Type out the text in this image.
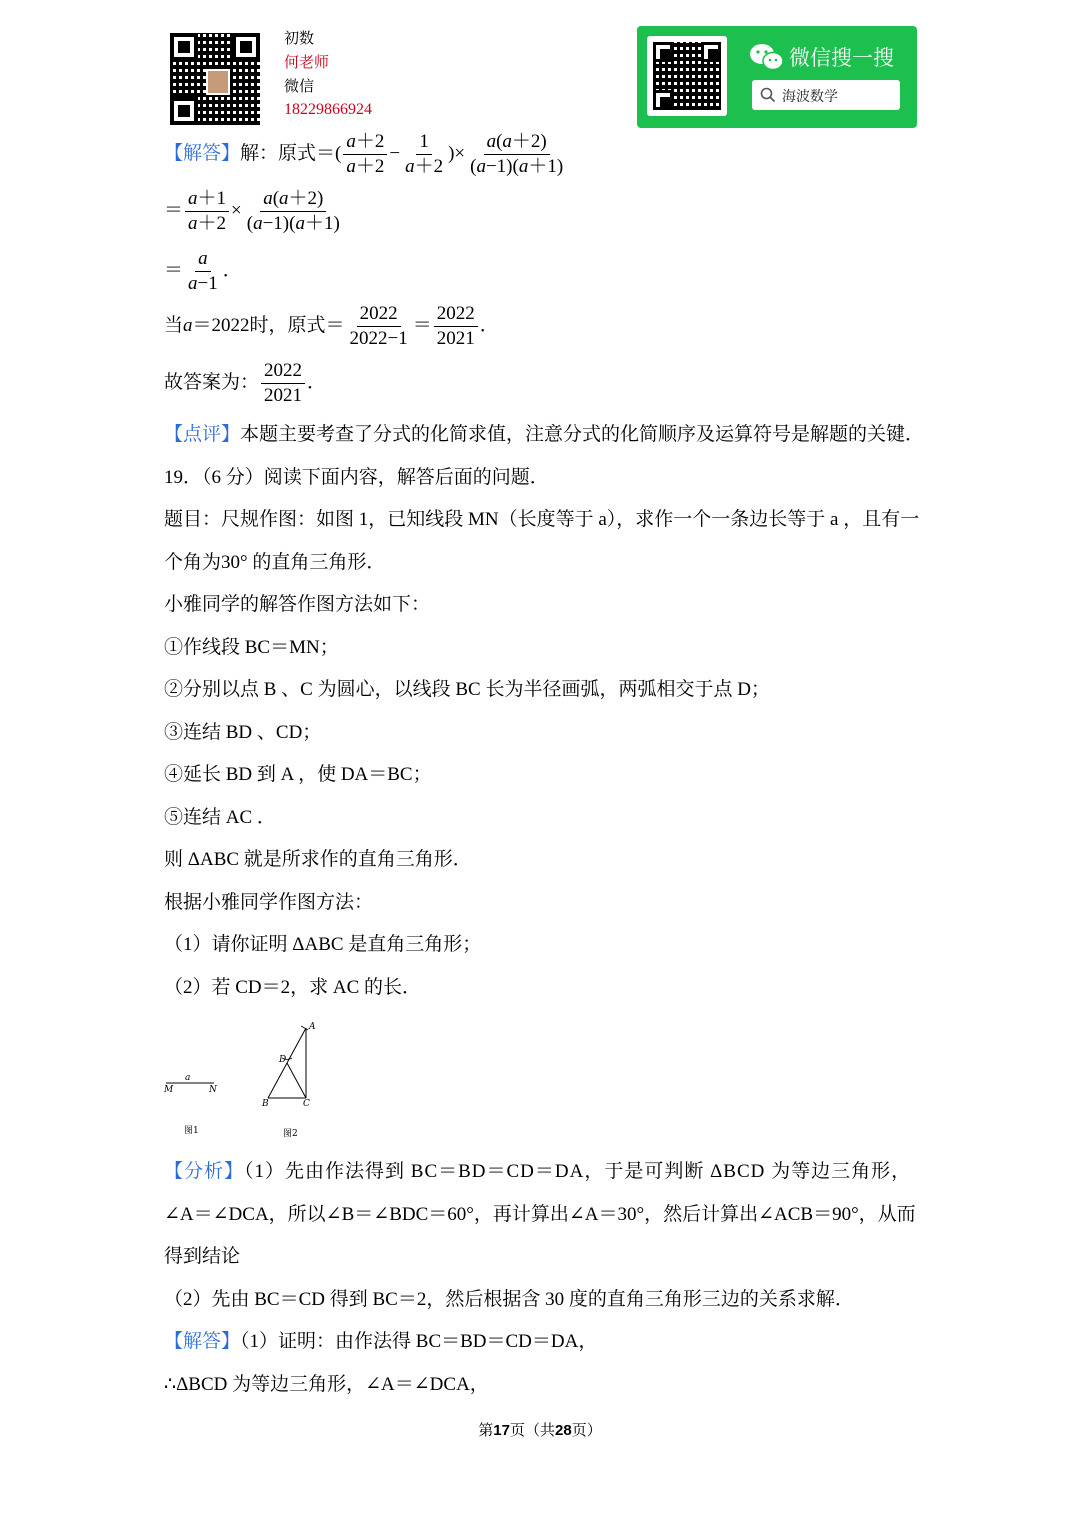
初数
何老师
微信
18229866924
微信搜一搜
海波数学
【解答】解：原式＝( $\frac{a+2}{a+2} - \frac{1}{a+2}$ )× $\frac{a(a+2)}{(a-1)(a+1)}$
＝ $\frac{a+1}{a+2} \times \frac{a(a+2)}{(a-1)(a+1)}$
＝ $\frac{a}{a-1}$ ．
当a＝2022时，原式＝ $\frac{2022}{2022-1} = \frac{2022}{2021}$ ．
故答案为： $\frac{2022}{2021}$ ．
【点评】本题主要考查了分式的化简求值，注意分式的化简顺序及运算符号是解题的关键．
19．（6 分）阅读下面内容，解答后面的问题．
题目：尺规作图：如图 1，已知线段 MN（长度等于 a），求作一个一条边长等于 a ，且有一
个角为30° 的直角三角形．
小雅同学的解答作图方法如下：
①作线段 BC＝MN；
②分别以点 B 、C 为圆心，以线段 BC 长为半径画弧，两弧相交于点 D；
③连结 BD 、CD；
④延长 BD 到 A ，使 DA＝BC；
⑤连结 AC ．
则 ΔABC 就是所求作的直角三角形．
根据小雅同学作图方法：
（1）请你证明 ΔABC 是直角三角形；
（2）若 CD＝2，求 AC 的长．
a
M	N
图1
A
D
B	C
图2
【分析】（1）先由作法得到 BC＝BD＝CD＝DA，于是可判断 ΔBCD 为等边三角形，
∠A＝∠DCA，所以∠B＝∠BDC＝60°，再计算出∠A＝30°，然后计算出∠ACB＝90°，从而
得到结论
（2）先由 BC＝CD 得到 BC＝2，然后根据含 30 度的直角三角形三边的关系求解．
【解答】（1）证明：由作法得 BC＝BD＝CD＝DA，
∴ΔBCD 为等边三角形，∠A＝∠DCA，
第17页（共28页）
